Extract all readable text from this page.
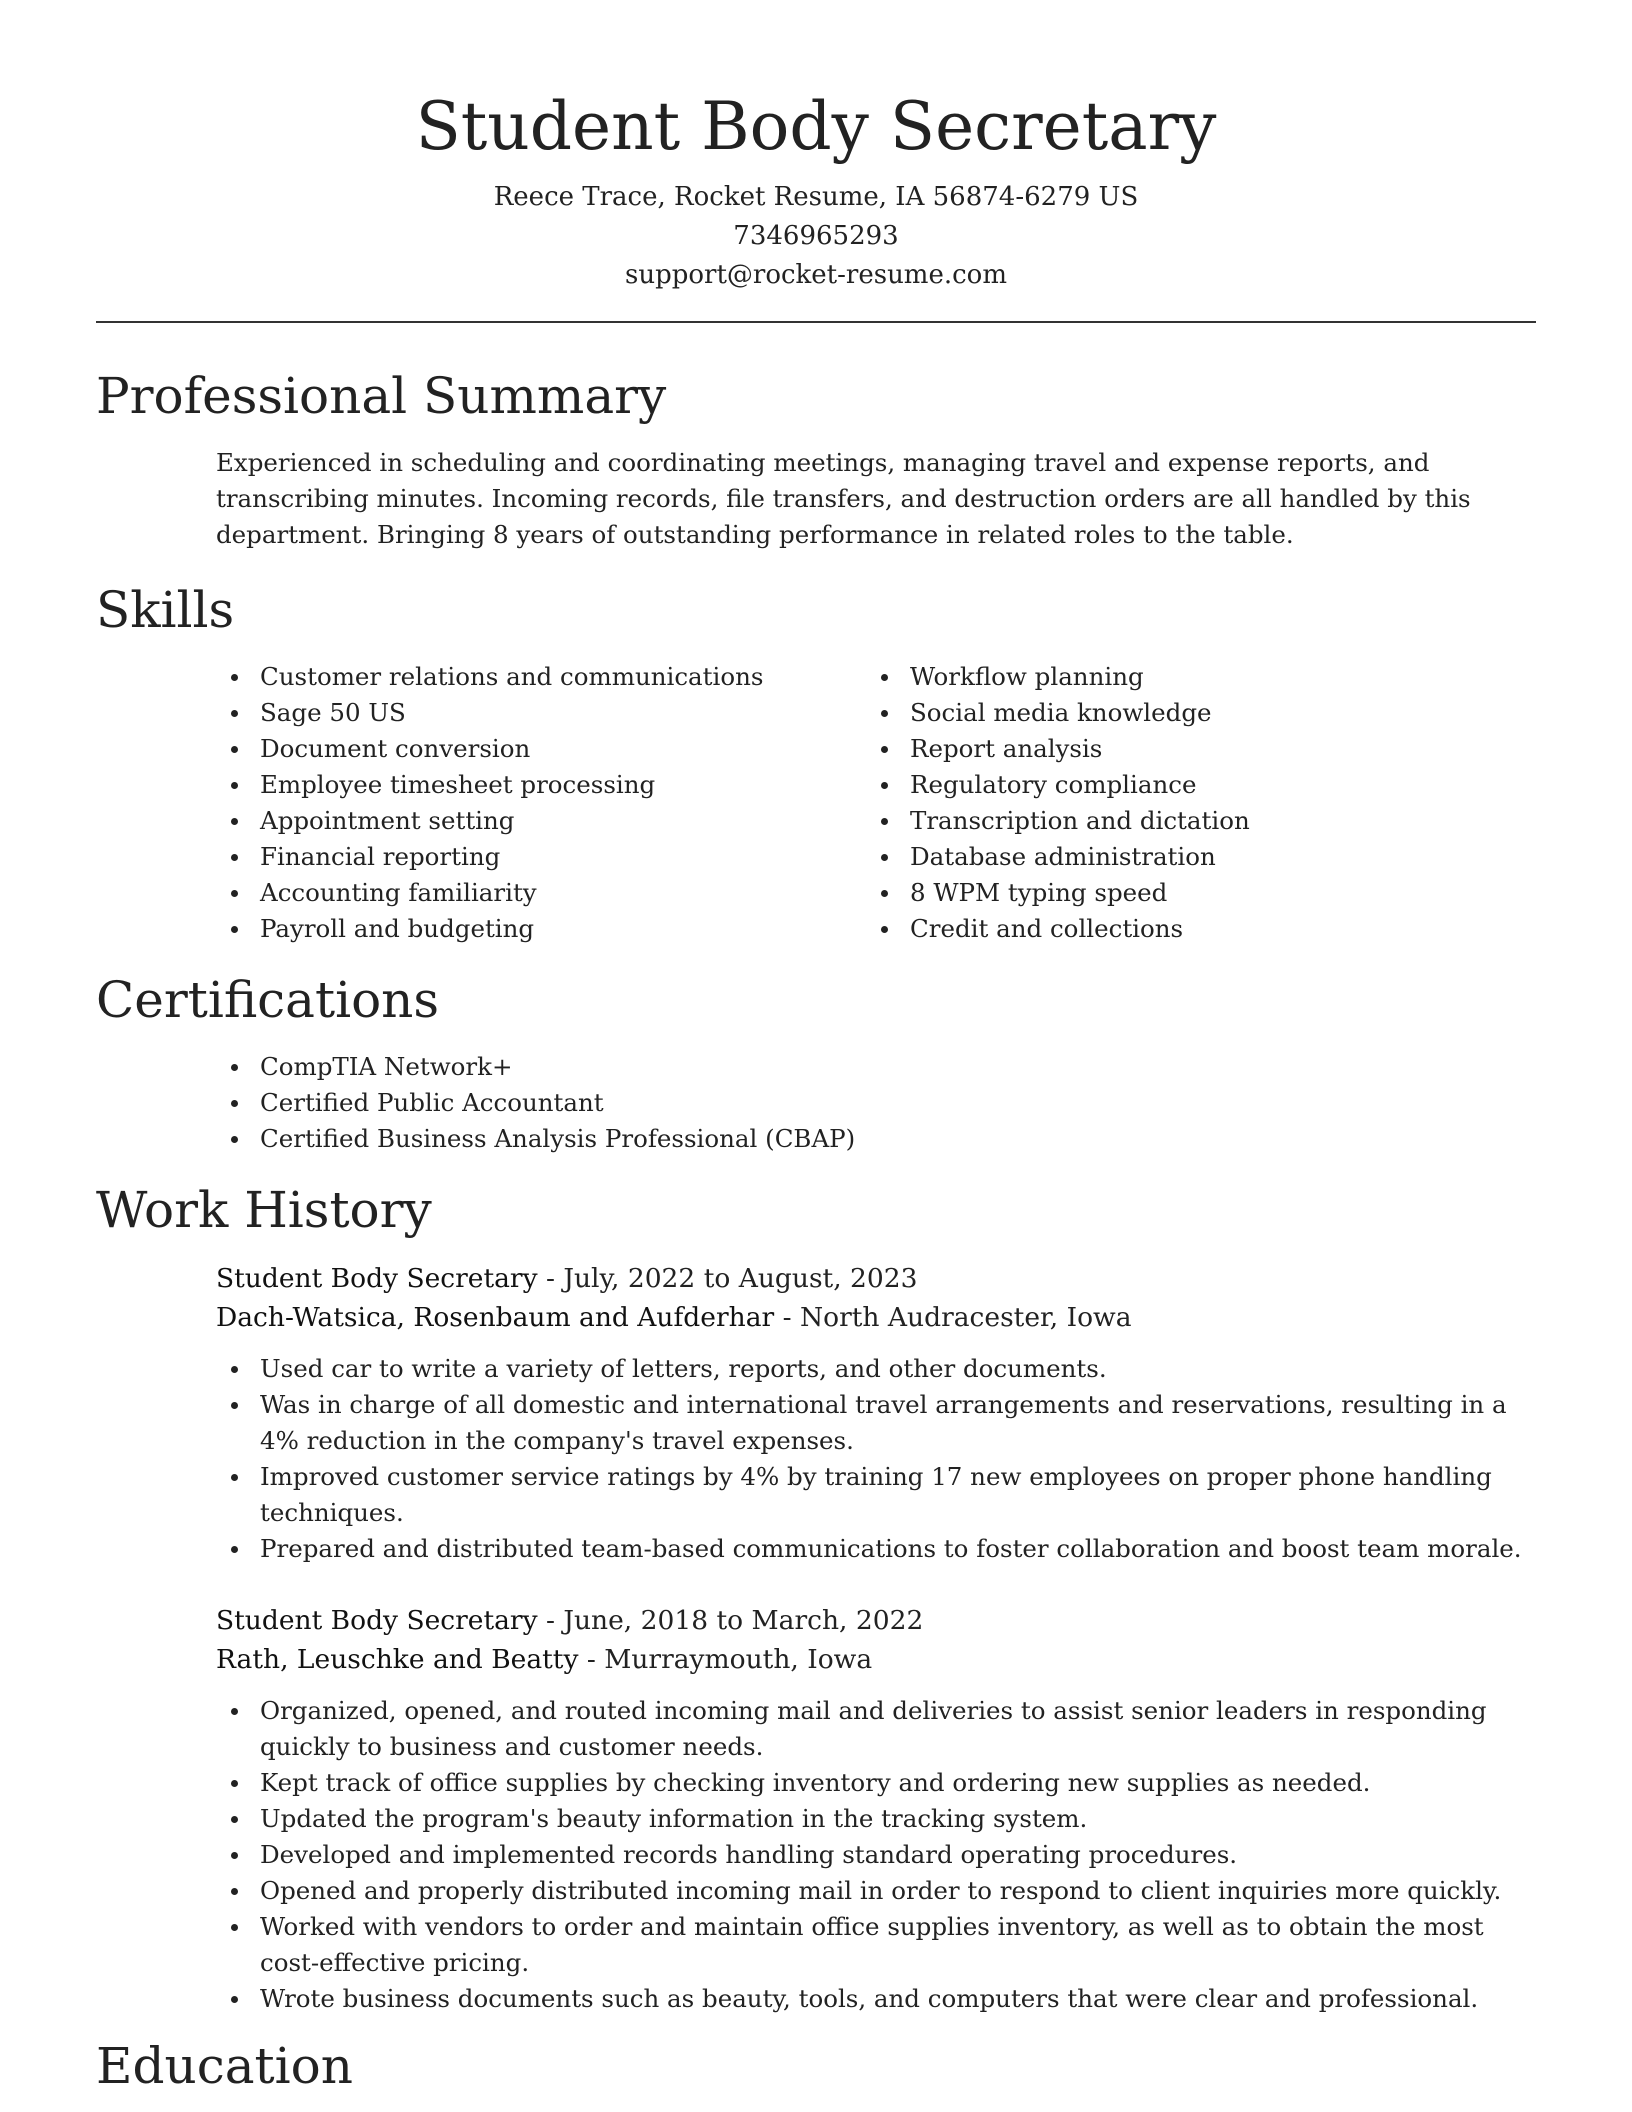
Student Body Secretary
Reece Trace, Rocket Resume, IA 56874-6279 US
7346965293
support@rocket-resume.com
Professional Summary

Experienced in scheduling and coordinating meetings, managing travel and expense reports, and transcribing minutes. Incoming records, file transfers, and destruction orders are all handled by this department. Bringing 8 years of outstanding performance in related roles to the table.

Skills
Customer relations and communications
Sage 50 US
Document conversion
Employee timesheet processing
Appointment setting
Financial reporting
Accounting familiarity
Payroll and budgeting
Workflow planning
Social media knowledge
Report analysis
Regulatory compliance
Transcription and dictation
Database administration
8 WPM typing speed
Credit and collections
Certifications
CompTIA Network+
Certified Public Accountant
Certified Business Analysis Professional (CBAP)
Work History
Student Body Secretary - July, 2022 to August, 2023
Dach-Watsica, Rosenbaum and Aufderhar - North Audracester, Iowa
Used car to write a variety of letters, reports, and other documents.
Was in charge of all domestic and international travel arrangements and reservations, resulting in a 4% reduction in the company's travel expenses.
Improved customer service ratings by 4% by training 17 new employees on proper phone handling techniques.
Prepared and distributed team-based communications to foster collaboration and boost team morale.
Student Body Secretary - June, 2018 to March, 2022
Rath, Leuschke and Beatty - Murraymouth, Iowa
Organized, opened, and routed incoming mail and deliveries to assist senior leaders in responding quickly to business and customer needs.
Kept track of office supplies by checking inventory and ordering new supplies as needed.
Updated the program's beauty information in the tracking system.
Developed and implemented records handling standard operating procedures.
Opened and properly distributed incoming mail in order to respond to client inquiries more quickly.
Worked with vendors to order and maintain office supplies inventory, as well as to obtain the most cost-effective pricing.
Wrote business documents such as beauty, tools, and computers that were clear and professional.
Education
